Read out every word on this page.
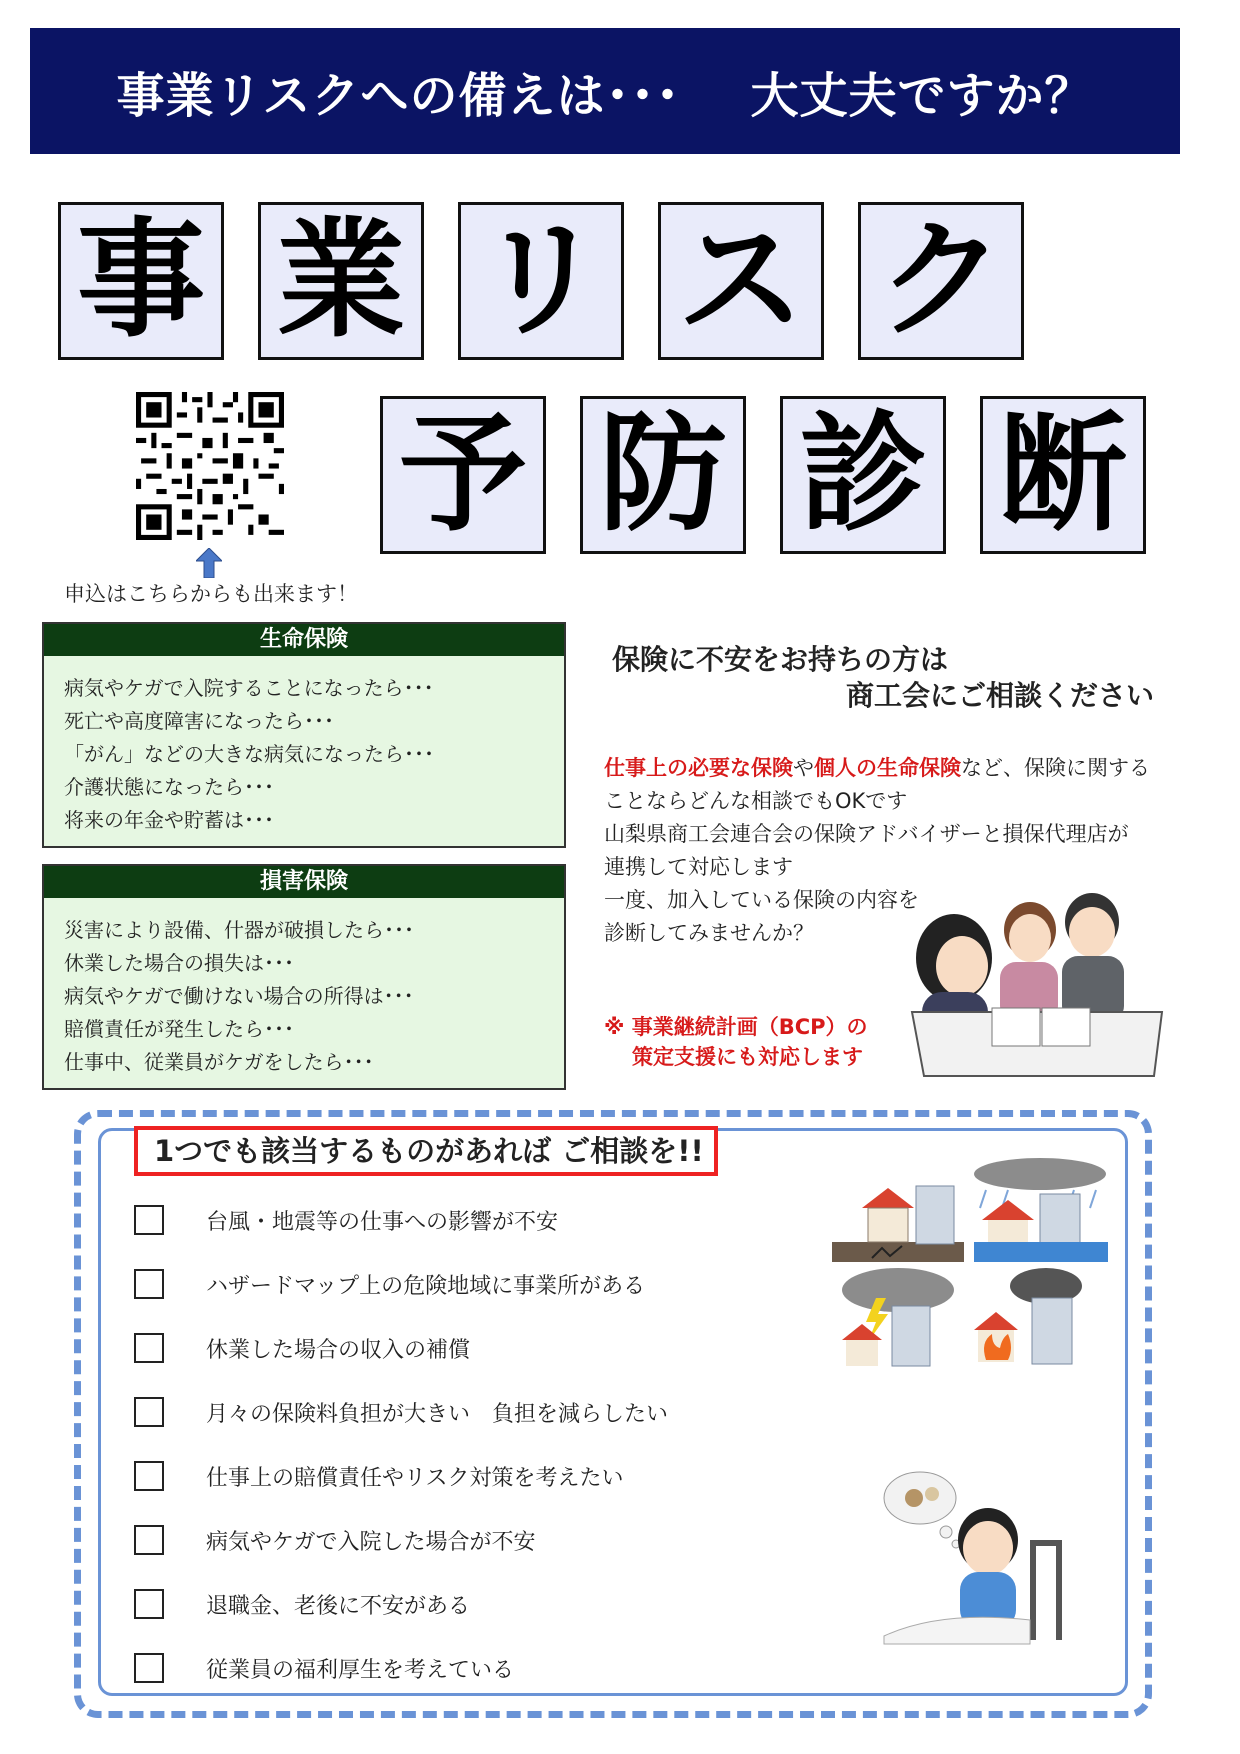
事業リスクへの備えは･･･ 大丈夫ですか？
事 業 リ ス ク
予 防 診 断
申込はこちらからも出来ます！
生命保険
病気やケガで入院することになったら･･･
死亡や高度障害になったら･･･
「がん」などの大きな病気になったら･･･
介護状態になったら･･･
将来の年金や貯蓄は･･･
損害保険
災害により設備、什器が破損したら･･･
休業した場合の損失は･･･
病気やケガで働けない場合の所得は･･･
賠償責任が発生したら･･･
仕事中、従業員がケガをしたら･･･
保険に不安をお持ちの方は
商工会にご相談ください
仕事上の必要な保険や個人の生命保険など、保険に関する
ことならどんな相談でもOKです
山梨県商工会連合会の保険アドバイザーと損保代理店が
連携して対応します
一度、加入している保険の内容を
診断してみませんか？
※ 事業継続計画（BCP）の
策定支援にも対応します
1つでも該当するものがあれば ご相談を!!
台風・地震等の仕事への影響が不安
ハザードマップ上の危険地域に事業所がある
休業した場合の収入の補償
月々の保険料負担が大きい　負担を減らしたい
仕事上の賠償責任やリスク対策を考えたい
病気やケガで入院した場合が不安
退職金、老後に不安がある
従業員の福利厚生を考えている
